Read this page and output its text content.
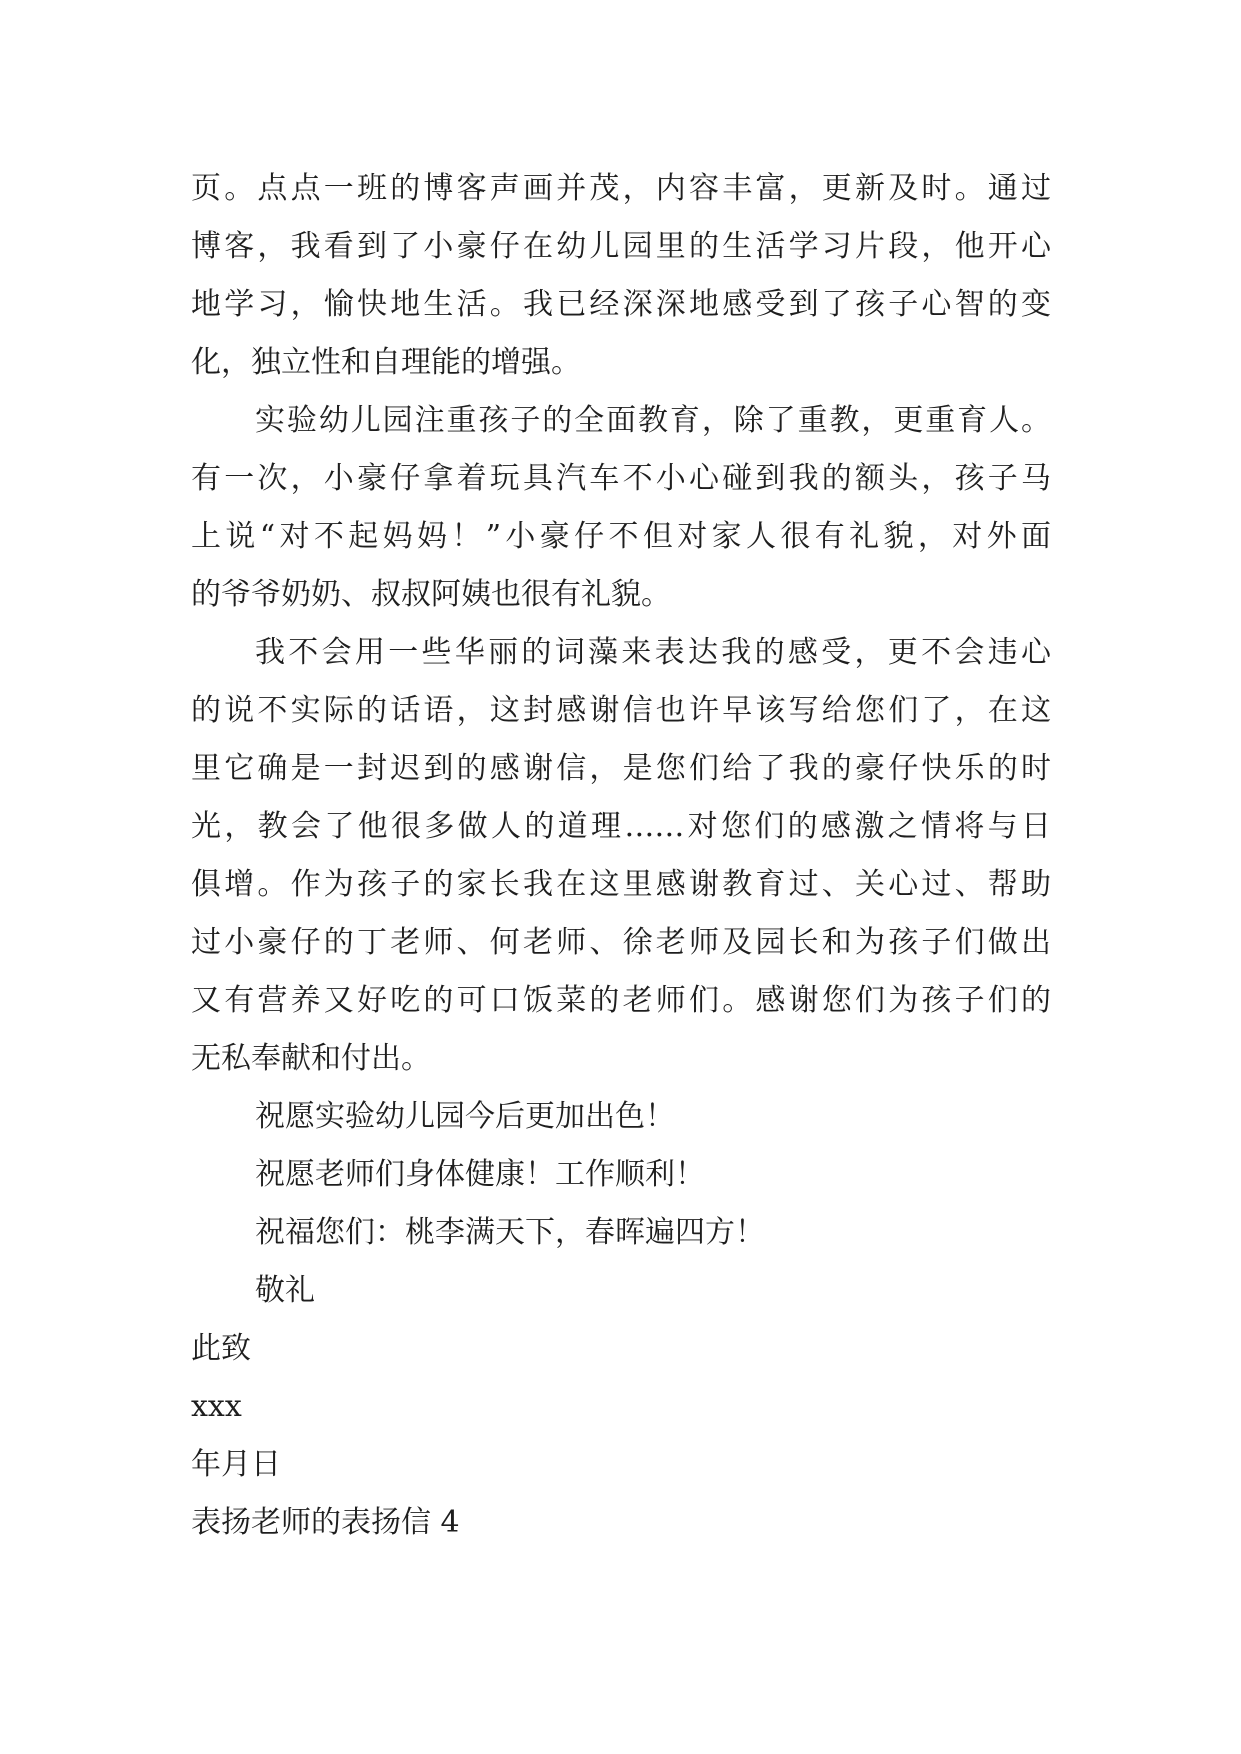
页。点点一班的博客声画并茂，内容丰富，更新及时。通过
博客，我看到了小豪仔在幼儿园里的生活学习片段，他开心
地学习，愉快地生活。我已经深深地感受到了孩子心智的变
化，独立性和自理能的增强。
实验幼儿园注重孩子的全面教育，除了重教，更重育人。
有一次，小豪仔拿着玩具汽车不小心碰到我的额头，孩子马
上说“对不起妈妈！”小豪仔不但对家人很有礼貌，对外面
的爷爷奶奶、叔叔阿姨也很有礼貌。
我不会用一些华丽的词藻来表达我的感受，更不会违心
的说不实际的话语，这封感谢信也许早该写给您们了，在这
里它确是一封迟到的感谢信，是您们给了我的豪仔快乐的时
光，教会了他很多做人的道理……对您们的感激之情将与日
俱增。作为孩子的家长我在这里感谢教育过、关心过、帮助
过小豪仔的丁老师、何老师、徐老师及园长和为孩子们做出
又有营养又好吃的可口饭菜的老师们。感谢您们为孩子们的
无私奉献和付出。
祝愿实验幼儿园今后更加出色！
祝愿老师们身体健康！工作顺利！
祝福您们：桃李满天下，春晖遍四方！
敬礼
此致
xxx
年月日
表扬老师的表扬信 4
